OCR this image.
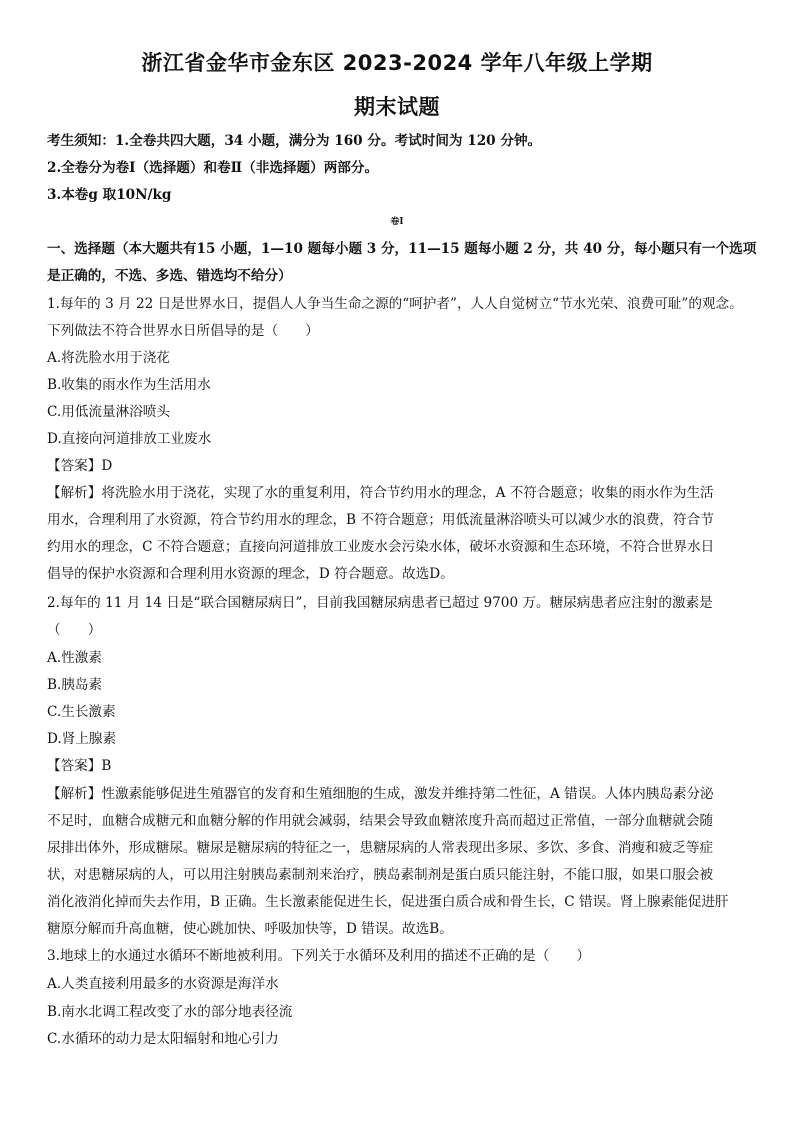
浙江省金华市金东区 2023-2024 学年八年级上学期
期末试题
考生须知：1.全卷共四大题，34 小题，满分为 160 分。考试时间为 120 分钟。
2.全卷分为卷Ⅰ（选择题）和卷Ⅱ（非选择题）两部分。
3.本卷g 取10N/kg
卷Ⅰ
一、选择题（本大题共有15 小题，1—10 题每小题 3 分，11—15 题每小题 2 分，共 40 分，每小题只有一个选项
是正确的，不选、多选、错选均不给分）
1.每年的 3 月 22 日是世界水日，提倡人人争当生命之源的“呵护者”，人人自觉树立“节水光荣、浪费可耻”的观念。
下列做法不符合世界水日所倡导的是（　　）
A.将洗脸水用于浇花
B.收集的雨水作为生活用水
C.用低流量淋浴喷头
D.直接向河道排放工业废水
【答案】D
【解析】将洗脸水用于浇花，实现了水的重复利用，符合节约用水的理念，A 不符合题意；收集的雨水作为生活
用水，合理利用了水资源，符合节约用水的理念，B 不符合题意；用低流量淋浴喷头可以减少水的浪费，符合节
约用水的理念，C 不符合题意；直接向河道排放工业废水会污染水体，破坏水资源和生态环境，不符合世界水日
倡导的保护水资源和合理利用水资源的理念，D 符合题意。故选D。
2.每年的 11 月 14 日是“联合国糖尿病日”，目前我国糖尿病患者已超过 9700 万。糖尿病患者应注射的激素是
（　　）
A.性激素
B.胰岛素
C.生长激素
D.肾上腺素
【答案】B
【解析】性激素能够促进生殖器官的发育和生殖细胞的生成，激发并维持第二性征，A 错误。人体内胰岛素分泌
不足时，血糖合成糖元和血糖分解的作用就会减弱，结果会导致血糖浓度升高而超过正常值，一部分血糖就会随
尿排出体外，形成糖尿。糖尿是糖尿病的特征之一，患糖尿病的人常表现出多尿、多饮、多食、消瘦和疲乏等症
状，对患糖尿病的人，可以用注射胰岛素制剂来治疗，胰岛素制剂是蛋白质只能注射，不能口服，如果口服会被
消化液消化掉而失去作用，B 正确。生长激素能促进生长，促进蛋白质合成和骨生长，C 错误。肾上腺素能促进肝
糖原分解而升高血糖，使心跳加快、呼吸加快等，D 错误。故选B。
3.地球上的水通过水循环不断地被利用。下列关于水循环及利用的描述不正确的是（　　）
A.人类直接利用最多的水资源是海洋水
B.南水北调工程改变了水的部分地表径流
C.水循环的动力是太阳辐射和地心引力
